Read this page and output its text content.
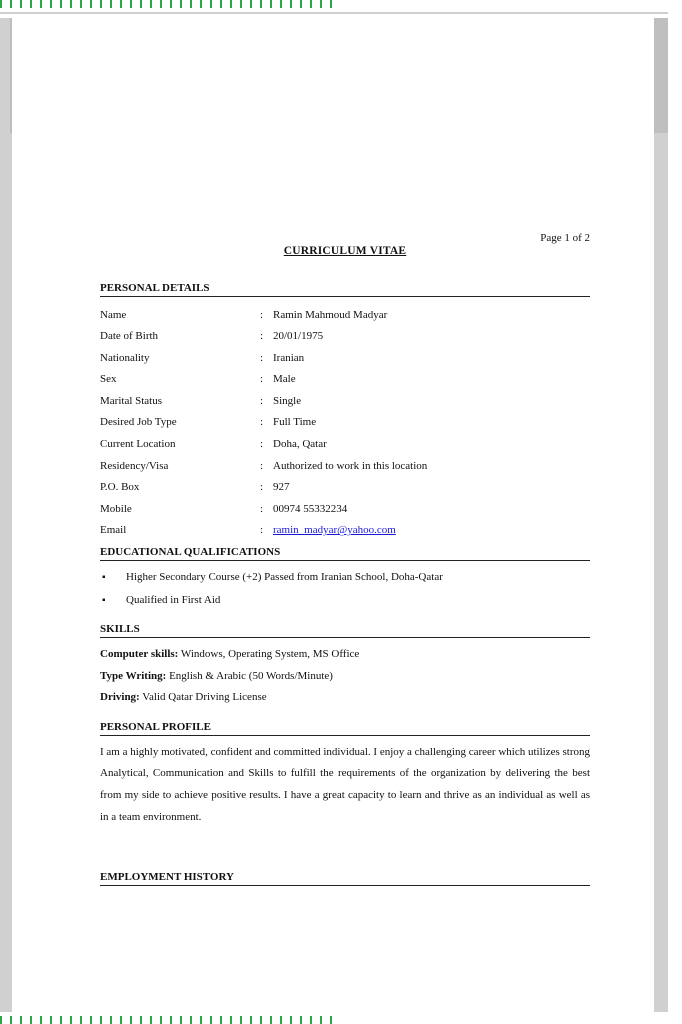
Page 1 of 2
CURRICULUM VITAE
PERSONAL DETAILS
Name	: Ramin Mahmoud Madyar
Date of Birth	: 20/01/1975
Nationality	: Iranian
Sex	: Male
Marital Status	: Single
Desired Job Type	: Full Time
Current Location	: Doha, Qatar
Residency/Visa	: Authorized to work in this location
P.O. Box	: 927
Mobile	: 00974 55332234
Email	: ramin_madyar@yahoo.com
EDUCATIONAL QUALIFICATIONS
▪	Higher Secondary Course (+2) Passed from Iranian School, Doha-Qatar
▪	Qualified in First Aid
SKILLS
Computer skills: Windows, Operating System, MS Office
Type Writing: English & Arabic (50 Words/Minute)
Driving: Valid Qatar Driving License
PERSONAL PROFILE
I am a highly motivated, confident and committed individual. I enjoy a challenging career which utilizes strong Analytical, Communication and Skills to fulfill the requirements of the organization by delivering the best from my side to achieve positive results. I have a great capacity to learn and thrive as an individual as well as in a team environment.
EMPLOYMENT HISTORY
